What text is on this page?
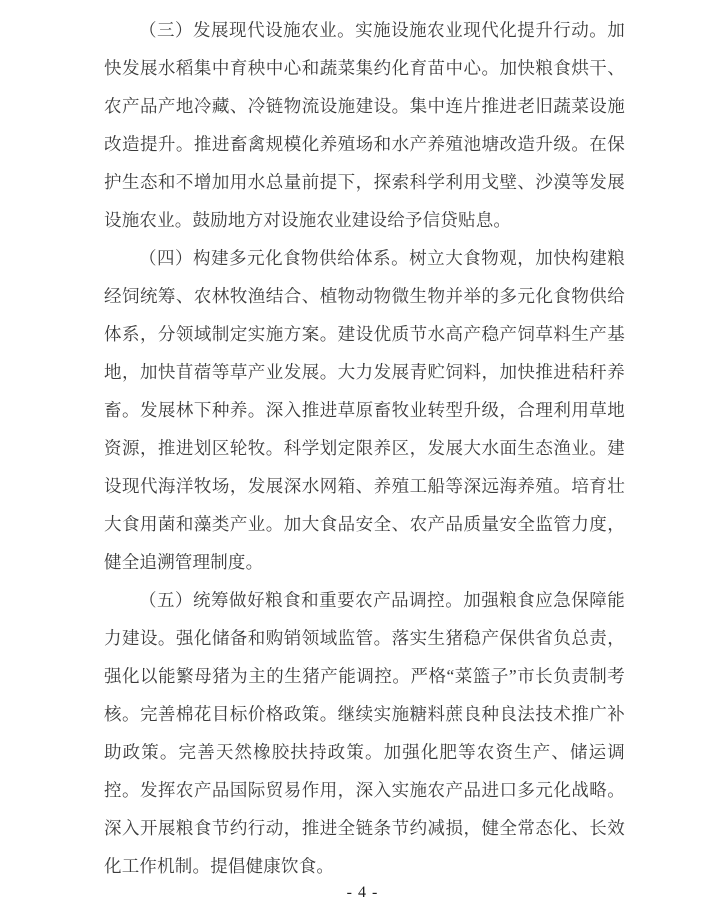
（三）发展现代设施农业。实施设施农业现代化提升行动。加快发展水稻集中育秧中心和蔬菜集约化育苗中心。加快粮食烘干、农产品产地冷藏、冷链物流设施建设。集中连片推进老旧蔬菜设施改造提升。推进畜禽规模化养殖场和水产养殖池塘改造升级。在保护生态和不增加用水总量前提下，探索科学利用戈壁、沙漠等发展设施农业。鼓励地方对设施农业建设给予信贷贴息。

（四）构建多元化食物供给体系。树立大食物观，加快构建粮经饲统筹、农林牧渔结合、植物动物微生物并举的多元化食物供给体系，分领域制定实施方案。建设优质节水高产稳产饲草料生产基地，加快苜蓿等草产业发展。大力发展青贮饲料，加快推进秸秆养畜。发展林下种养。深入推进草原畜牧业转型升级，合理利用草地资源，推进划区轮牧。科学划定限养区，发展大水面生态渔业。建设现代海洋牧场，发展深水网箱、养殖工船等深远海养殖。培育壮大食用菌和藻类产业。加大食品安全、农产品质量安全监管力度，健全追溯管理制度。

（五）统筹做好粮食和重要农产品调控。加强粮食应急保障能力建设。强化储备和购销领域监管。落实生猪稳产保供省负总责，强化以能繁母猪为主的生猪产能调控。严格“菜篮子”市长负责制考核。完善棉花目标价格政策。继续实施糖料蔗良种良法技术推广补助政策。完善天然橡胶扶持政策。加强化肥等农资生产、储运调控。发挥农产品国际贸易作用，深入实施农产品进口多元化战略。深入开展粮食节约行动，推进全链条节约减损，健全常态化、长效化工作机制。提倡健康饮食。

- 4 -
